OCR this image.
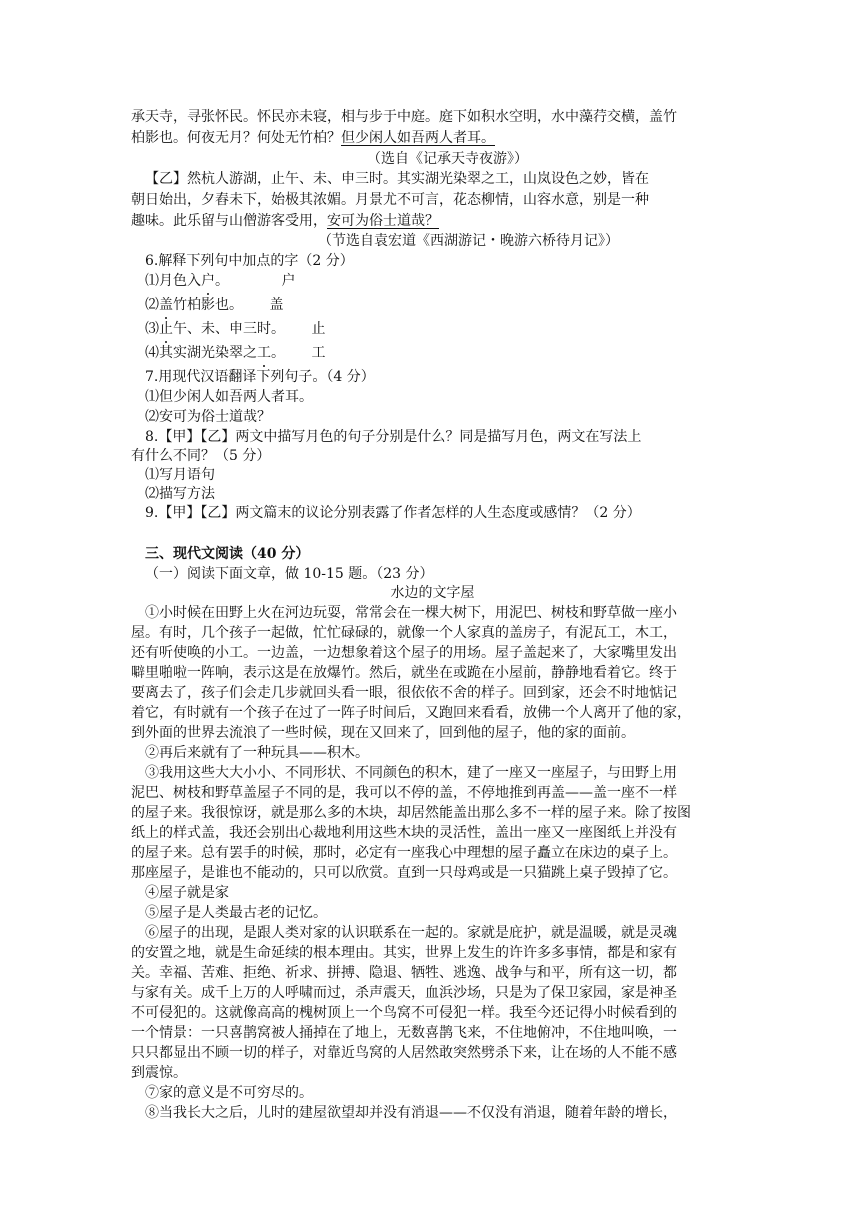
承天寺，寻张怀民。怀民亦未寝，相与步于中庭。庭下如积水空明，水中藻荇交横，盖竹
柏影也。何夜无月？何处无竹柏？但少闲人如吾两人者耳。
（选自《记承天寺夜游》）
【乙】然杭人游湖，止午、未、申三时。其实湖光染翠之工，山岚设色之妙，皆在
朝日始出，夕舂未下，始极其浓媚。月景尤不可言，花态柳情，山容水意，别是一种
趣味。此乐留与山僧游客受用，安可为俗士道哉？
（节选自袁宏道《西湖游记・晚游六桥待月记》）
6.解释下列句中加点的字（2 分）
⑴月色入户。	户
⑵盖竹柏影也。 盖
⑶止午、未、申三时。 止
⑷其实湖光染翠之工。 工
7.用现代汉语翻译下列句子。（4 分）
⑴但少闲人如吾两人者耳。
⑵安可为俗士道哉？
8.【甲】【乙】两文中描写月色的句子分别是什么？同是描写月色，两文在写法上
有什么不同？（5 分）
⑴写月语句
⑵描写方法
9.【甲】【乙】两文篇末的议论分别表露了作者怎样的人生态度或感情？（2 分）
三、现代文阅读（40 分）
（一）阅读下面文章，做 10-15 题。（23 分）
水边的文字屋
①小时候在田野上火在河边玩耍，常常会在一棵大树下，用泥巴、树枝和野草做一座小
屋。有时，几个孩子一起做，忙忙碌碌的，就像一个人家真的盖房子，有泥瓦工，木工，
还有听使唤的小工。一边盖，一边想象着这个屋子的用场。屋子盖起来了，大家嘴里发出
噼里啪啦一阵响，表示这是在放爆竹。然后，就坐在或跪在小屋前，静静地看着它。终于
要离去了，孩子们会走几步就回头看一眼，很依依不舍的样子。回到家，还会不时地惦记
着它，有时就有一个孩子在过了一阵子时间后，又跑回来看看，放佛一个人离开了他的家，
到外面的世界去流浪了一些时候，现在又回来了，回到他的屋子，他的家的面前。
②再后来就有了一种玩具——积木。
③我用这些大大小小、不同形状、不同颜色的积木，建了一座又一座屋子，与田野上用
泥巴、树枝和野草盖屋子不同的是，我可以不停的盖，不停地推到再盖——盖一座不一样
的屋子来。我很惊讶，就是那么多的木块，却居然能盖出那么多不一样的屋子来。除了按图
纸上的样式盖，我还会别出心裁地利用这些木块的灵活性，盖出一座又一座图纸上并没有
的屋子来。总有罢手的时候，那时，必定有一座我心中理想的屋子矗立在床边的桌子上。
那座屋子，是谁也不能动的，只可以欣赏。直到一只母鸡或是一只猫跳上桌子毁掉了它。
④屋子就是家
⑤屋子是人类最古老的记忆。
⑥屋子的出现，是跟人类对家的认识联系在一起的。家就是庇护，就是温暖，就是灵魂
的安置之地，就是生命延续的根本理由。其实，世界上发生的许许多多事情，都是和家有
关。幸福、苦难、拒绝、祈求、拼搏、隐退、牺牲、逃逸、战争与和平，所有这一切，都
与家有关。成千上万的人呼啸而过，杀声震天，血浜沙场，只是为了保卫家园，家是神圣
不可侵犯的。这就像高高的槐树顶上一个鸟窝不可侵犯一样。我至今还记得小时候看到的
一个情景：一只喜鹊窝被人捅掉在了地上，无数喜鹊飞来，不住地俯冲，不住地叫唤，一
只只都显出不顾一切的样子，对靠近鸟窝的人居然敢突然劈杀下来，让在场的人不能不感
到震惊。
⑦家的意义是不可穷尽的。
⑧当我长大之后，儿时的建屋欲望却并没有消退——不仅没有消退，随着年龄的增长，
